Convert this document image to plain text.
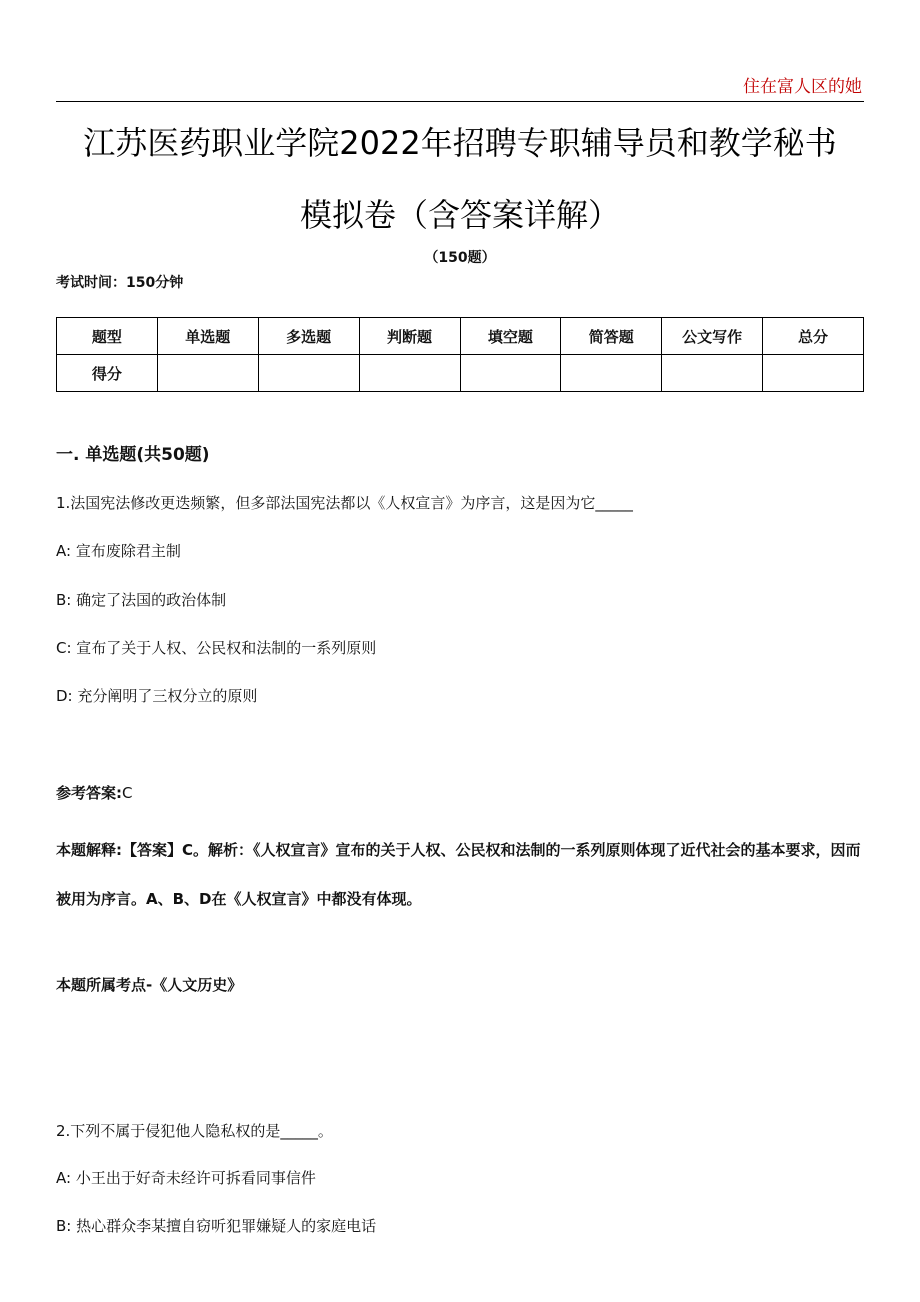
住在富人区的她
江苏医药职业学院2022年招聘专职辅导员和教学秘书
模拟卷（含答案详解）
（150题）
考试时间：150分钟
题型	单选题	多选题	判断题	填空题	简答题	公文写作	总分
得分							
一. 单选题(共50题)
1.法国宪法修改更迭频繁，但多部法国宪法都以《人权宣言》为序言，这是因为它_____
A: 宣布废除君主制
B: 确定了法国的政治体制
C: 宣布了关于人权、公民权和法制的一系列原则
D: 充分阐明了三权分立的原则
参考答案:C

本题解释:【答案】C。解析：《人权宣言》宣布的关于人权、公民权和法制的一系列原则体现了近代社会的基本要求，因而被用为序言。A、B、D在《人权宣言》中都没有体现。

本题所属考点-《人文历史》
2.下列不属于侵犯他人隐私权的是_____。
A: 小王出于好奇未经许可拆看同事信件
B: 热心群众李某擅自窃听犯罪嫌疑人的家庭电话
